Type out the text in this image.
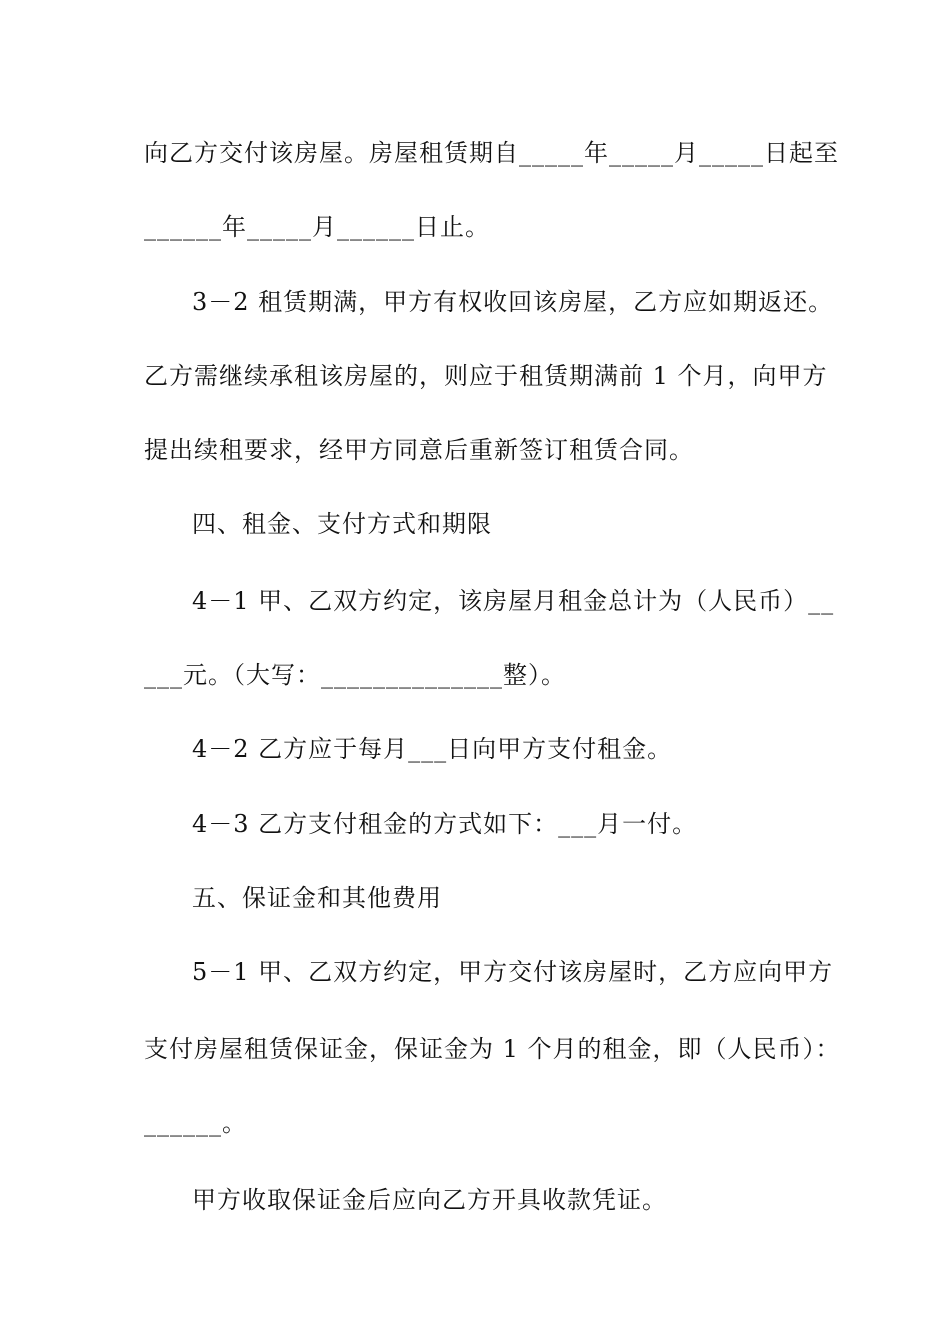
向乙方交付该房屋。房屋租赁期自_____年_____月_____日起至
______年_____月______日止。
3－2 租赁期满，甲方有权收回该房屋，乙方应如期返还。
乙方需继续承租该房屋的，则应于租赁期满前 1 个月，向甲方
提出续租要求，经甲方同意后重新签订租赁合同。
四、租金、支付方式和期限
4－1 甲、乙双方约定，该房屋月租金总计为（人民币）__
___元。（大写：______________整）。
4－2 乙方应于每月___日向甲方支付租金。
4－3 乙方支付租金的方式如下：___月一付。
五、保证金和其他费用
5－1 甲、乙双方约定，甲方交付该房屋时，乙方应向甲方
支付房屋租赁保证金，保证金为 1 个月的租金，即（人民币）：
______。
甲方收取保证金后应向乙方开具收款凭证。
